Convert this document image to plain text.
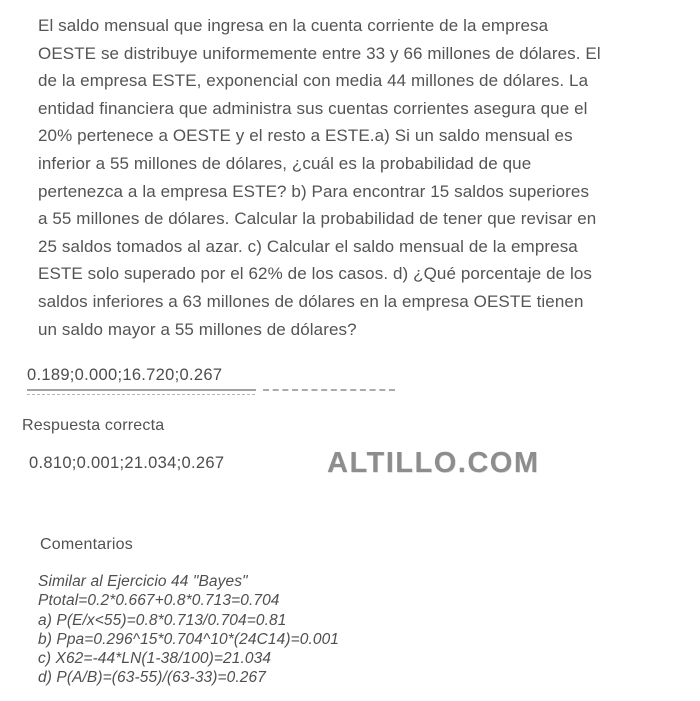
El saldo mensual que ingresa en la cuenta corriente de la empresa
OESTE se distribuye uniformemente entre 33 y 66 millones de dólares. El
de la empresa ESTE, exponencial con media 44 millones de dólares. La
entidad financiera que administra sus cuentas corrientes asegura que el
20% pertenece a OESTE y el resto a ESTE.a) Si un saldo mensual es
inferior a 55 millones de dólares, ¿cuál es la probabilidad de que
pertenezca a la empresa ESTE? b) Para encontrar 15 saldos superiores
a 55 millones de dólares. Calcular la probabilidad de tener que revisar en
25 saldos tomados al azar. c) Calcular el saldo mensual de la empresa
ESTE solo superado por el 62% de los casos. d) ¿Qué porcentaje de los
saldos inferiores a 63 millones de dólares en la empresa OESTE tienen
un saldo mayor a 55 millones de dólares?
0.189;0.000;16.720;0.267
Respuesta correcta
0.810;0.001;21.034;0.267	ALTILLO.COM
Comentarios
Similar al Ejercicio 44 "Bayes"
Ptotal=0.2*0.667+0.8*0.713=0.704
a) P(E/x<55)=0.8*0.713/0.704=0.81
b) Ppa=0.296^15*0.704^10*(24C14)=0.001
c) X62=-44*LN(1-38/100)=21.034
d) P(A/B)=(63-55)/(63-33)=0.267
